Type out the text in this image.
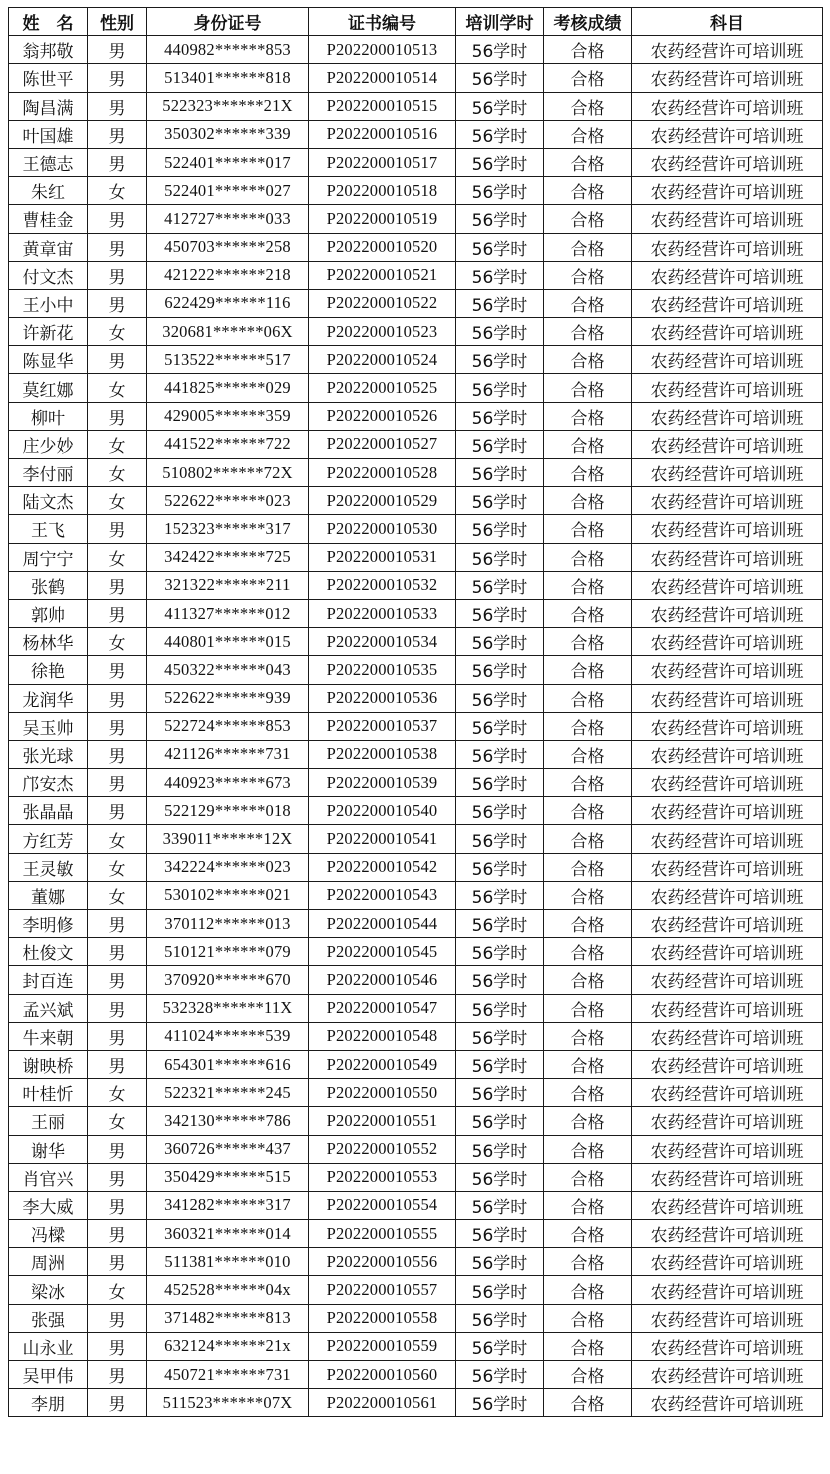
姓　名	性别	身份证号	证书编号	培训学时	考核成绩	科目
翁邦敬	男	440982******853	P202200010513	56学时	合格	农药经营许可培训班
陈世平	男	513401******818	P202200010514	56学时	合格	农药经营许可培训班
陶昌满	男	522323******21X	P202200010515	56学时	合格	农药经营许可培训班
叶国雄	男	350302******339	P202200010516	56学时	合格	农药经营许可培训班
王德志	男	522401******017	P202200010517	56学时	合格	农药经营许可培训班
朱红	女	522401******027	P202200010518	56学时	合格	农药经营许可培训班
曹桂金	男	412727******033	P202200010519	56学时	合格	农药经营许可培训班
黄章宙	男	450703******258	P202200010520	56学时	合格	农药经营许可培训班
付文杰	男	421222******218	P202200010521	56学时	合格	农药经营许可培训班
王小中	男	622429******116	P202200010522	56学时	合格	农药经营许可培训班
许新花	女	320681******06X	P202200010523	56学时	合格	农药经营许可培训班
陈显华	男	513522******517	P202200010524	56学时	合格	农药经营许可培训班
莫红娜	女	441825******029	P202200010525	56学时	合格	农药经营许可培训班
柳叶	男	429005******359	P202200010526	56学时	合格	农药经营许可培训班
庄少妙	女	441522******722	P202200010527	56学时	合格	农药经营许可培训班
李付丽	女	510802******72X	P202200010528	56学时	合格	农药经营许可培训班
陆文杰	女	522622******023	P202200010529	56学时	合格	农药经营许可培训班
王飞	男	152323******317	P202200010530	56学时	合格	农药经营许可培训班
周宁宁	女	342422******725	P202200010531	56学时	合格	农药经营许可培训班
张鹤	男	321322******211	P202200010532	56学时	合格	农药经营许可培训班
郭帅	男	411327******012	P202200010533	56学时	合格	农药经营许可培训班
杨林华	女	440801******015	P202200010534	56学时	合格	农药经营许可培训班
徐艳	男	450322******043	P202200010535	56学时	合格	农药经营许可培训班
龙润华	男	522622******939	P202200010536	56学时	合格	农药经营许可培训班
吴玉帅	男	522724******853	P202200010537	56学时	合格	农药经营许可培训班
张光球	男	421126******731	P202200010538	56学时	合格	农药经营许可培训班
邝安杰	男	440923******673	P202200010539	56学时	合格	农药经营许可培训班
张晶晶	男	522129******018	P202200010540	56学时	合格	农药经营许可培训班
方红芳	女	339011******12X	P202200010541	56学时	合格	农药经营许可培训班
王灵敏	女	342224******023	P202200010542	56学时	合格	农药经营许可培训班
董娜	女	530102******021	P202200010543	56学时	合格	农药经营许可培训班
李明修	男	370112******013	P202200010544	56学时	合格	农药经营许可培训班
杜俊文	男	510121******079	P202200010545	56学时	合格	农药经营许可培训班
封百连	男	370920******670	P202200010546	56学时	合格	农药经营许可培训班
孟兴斌	男	532328******11X	P202200010547	56学时	合格	农药经营许可培训班
牛来朝	男	411024******539	P202200010548	56学时	合格	农药经营许可培训班
谢映桥	男	654301******616	P202200010549	56学时	合格	农药经营许可培训班
叶桂忻	女	522321******245	P202200010550	56学时	合格	农药经营许可培训班
王丽	女	342130******786	P202200010551	56学时	合格	农药经营许可培训班
谢华	男	360726******437	P202200010552	56学时	合格	农药经营许可培训班
肖官兴	男	350429******515	P202200010553	56学时	合格	农药经营许可培训班
李大威	男	341282******317	P202200010554	56学时	合格	农药经营许可培训班
冯樑	男	360321******014	P202200010555	56学时	合格	农药经营许可培训班
周洲	男	511381******010	P202200010556	56学时	合格	农药经营许可培训班
梁冰	女	452528******04x	P202200010557	56学时	合格	农药经营许可培训班
张强	男	371482******813	P202200010558	56学时	合格	农药经营许可培训班
山永业	男	632124******21x	P202200010559	56学时	合格	农药经营许可培训班
吴甲伟	男	450721******731	P202200010560	56学时	合格	农药经营许可培训班
李朋	男	511523******07X	P202200010561	56学时	合格	农药经营许可培训班
